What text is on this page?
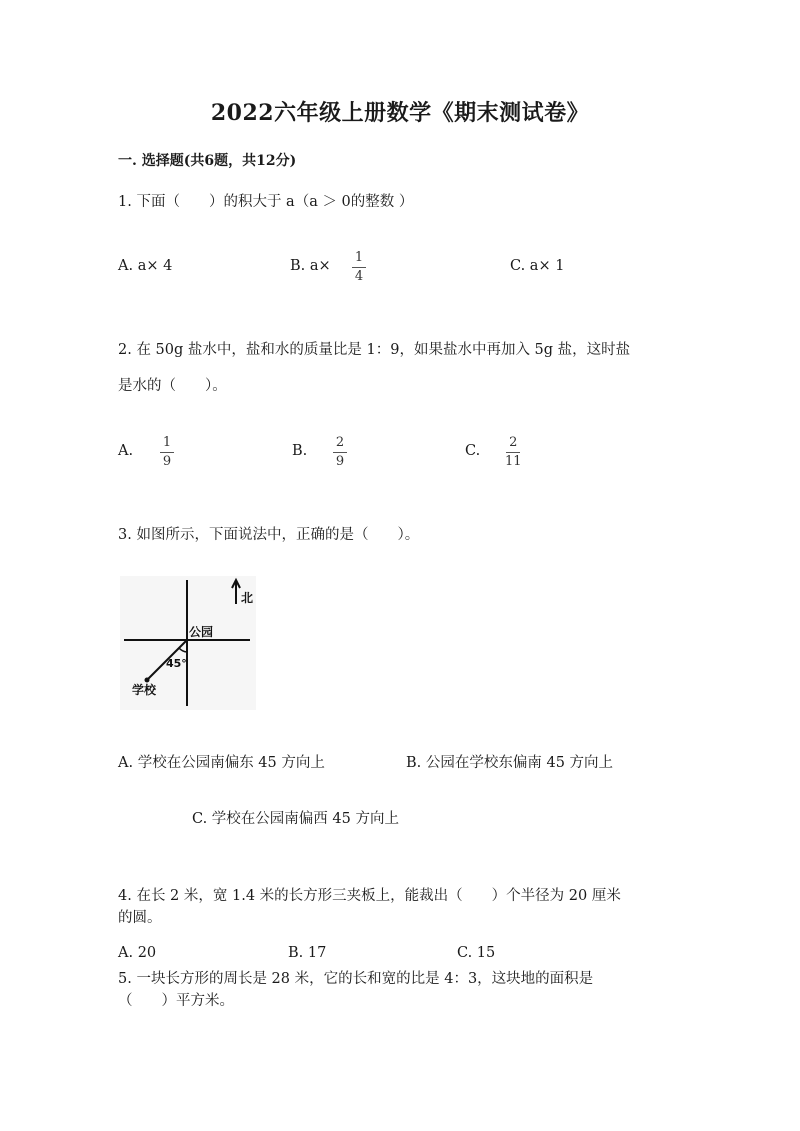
2022六年级上册数学《期末测试卷》
一. 选择题(共6题，共12分)
1. 下面（　　）的积大于 a（a ＞ 0的整数 ）
A. a× 4	B. a×
1
4
C. a× 1
2. 在 50g 盐水中，盐和水的质量比是 1：9，如果盐水中再加入 5g 盐，这时盐
是水的（　　）。
A.
1
9
B.
2
9
C.
2
11
3. 如图所示，下面说法中，正确的是（　　）。
北
公园
45°
学校
A. 学校在公园南偏东 45 方向上	B. 公园在学校东偏南 45 方向上
C. 学校在公园南偏西 45 方向上
4. 在长 2 米，宽 1.4 米的长方形三夹板上，能裁出（　　）个半径为 20 厘米
的圆。
A. 20	B. 17	C. 15
5. 一块长方形的周长是 28 米，它的长和宽的比是 4：3，这块地的面积是
（　　）平方米。
